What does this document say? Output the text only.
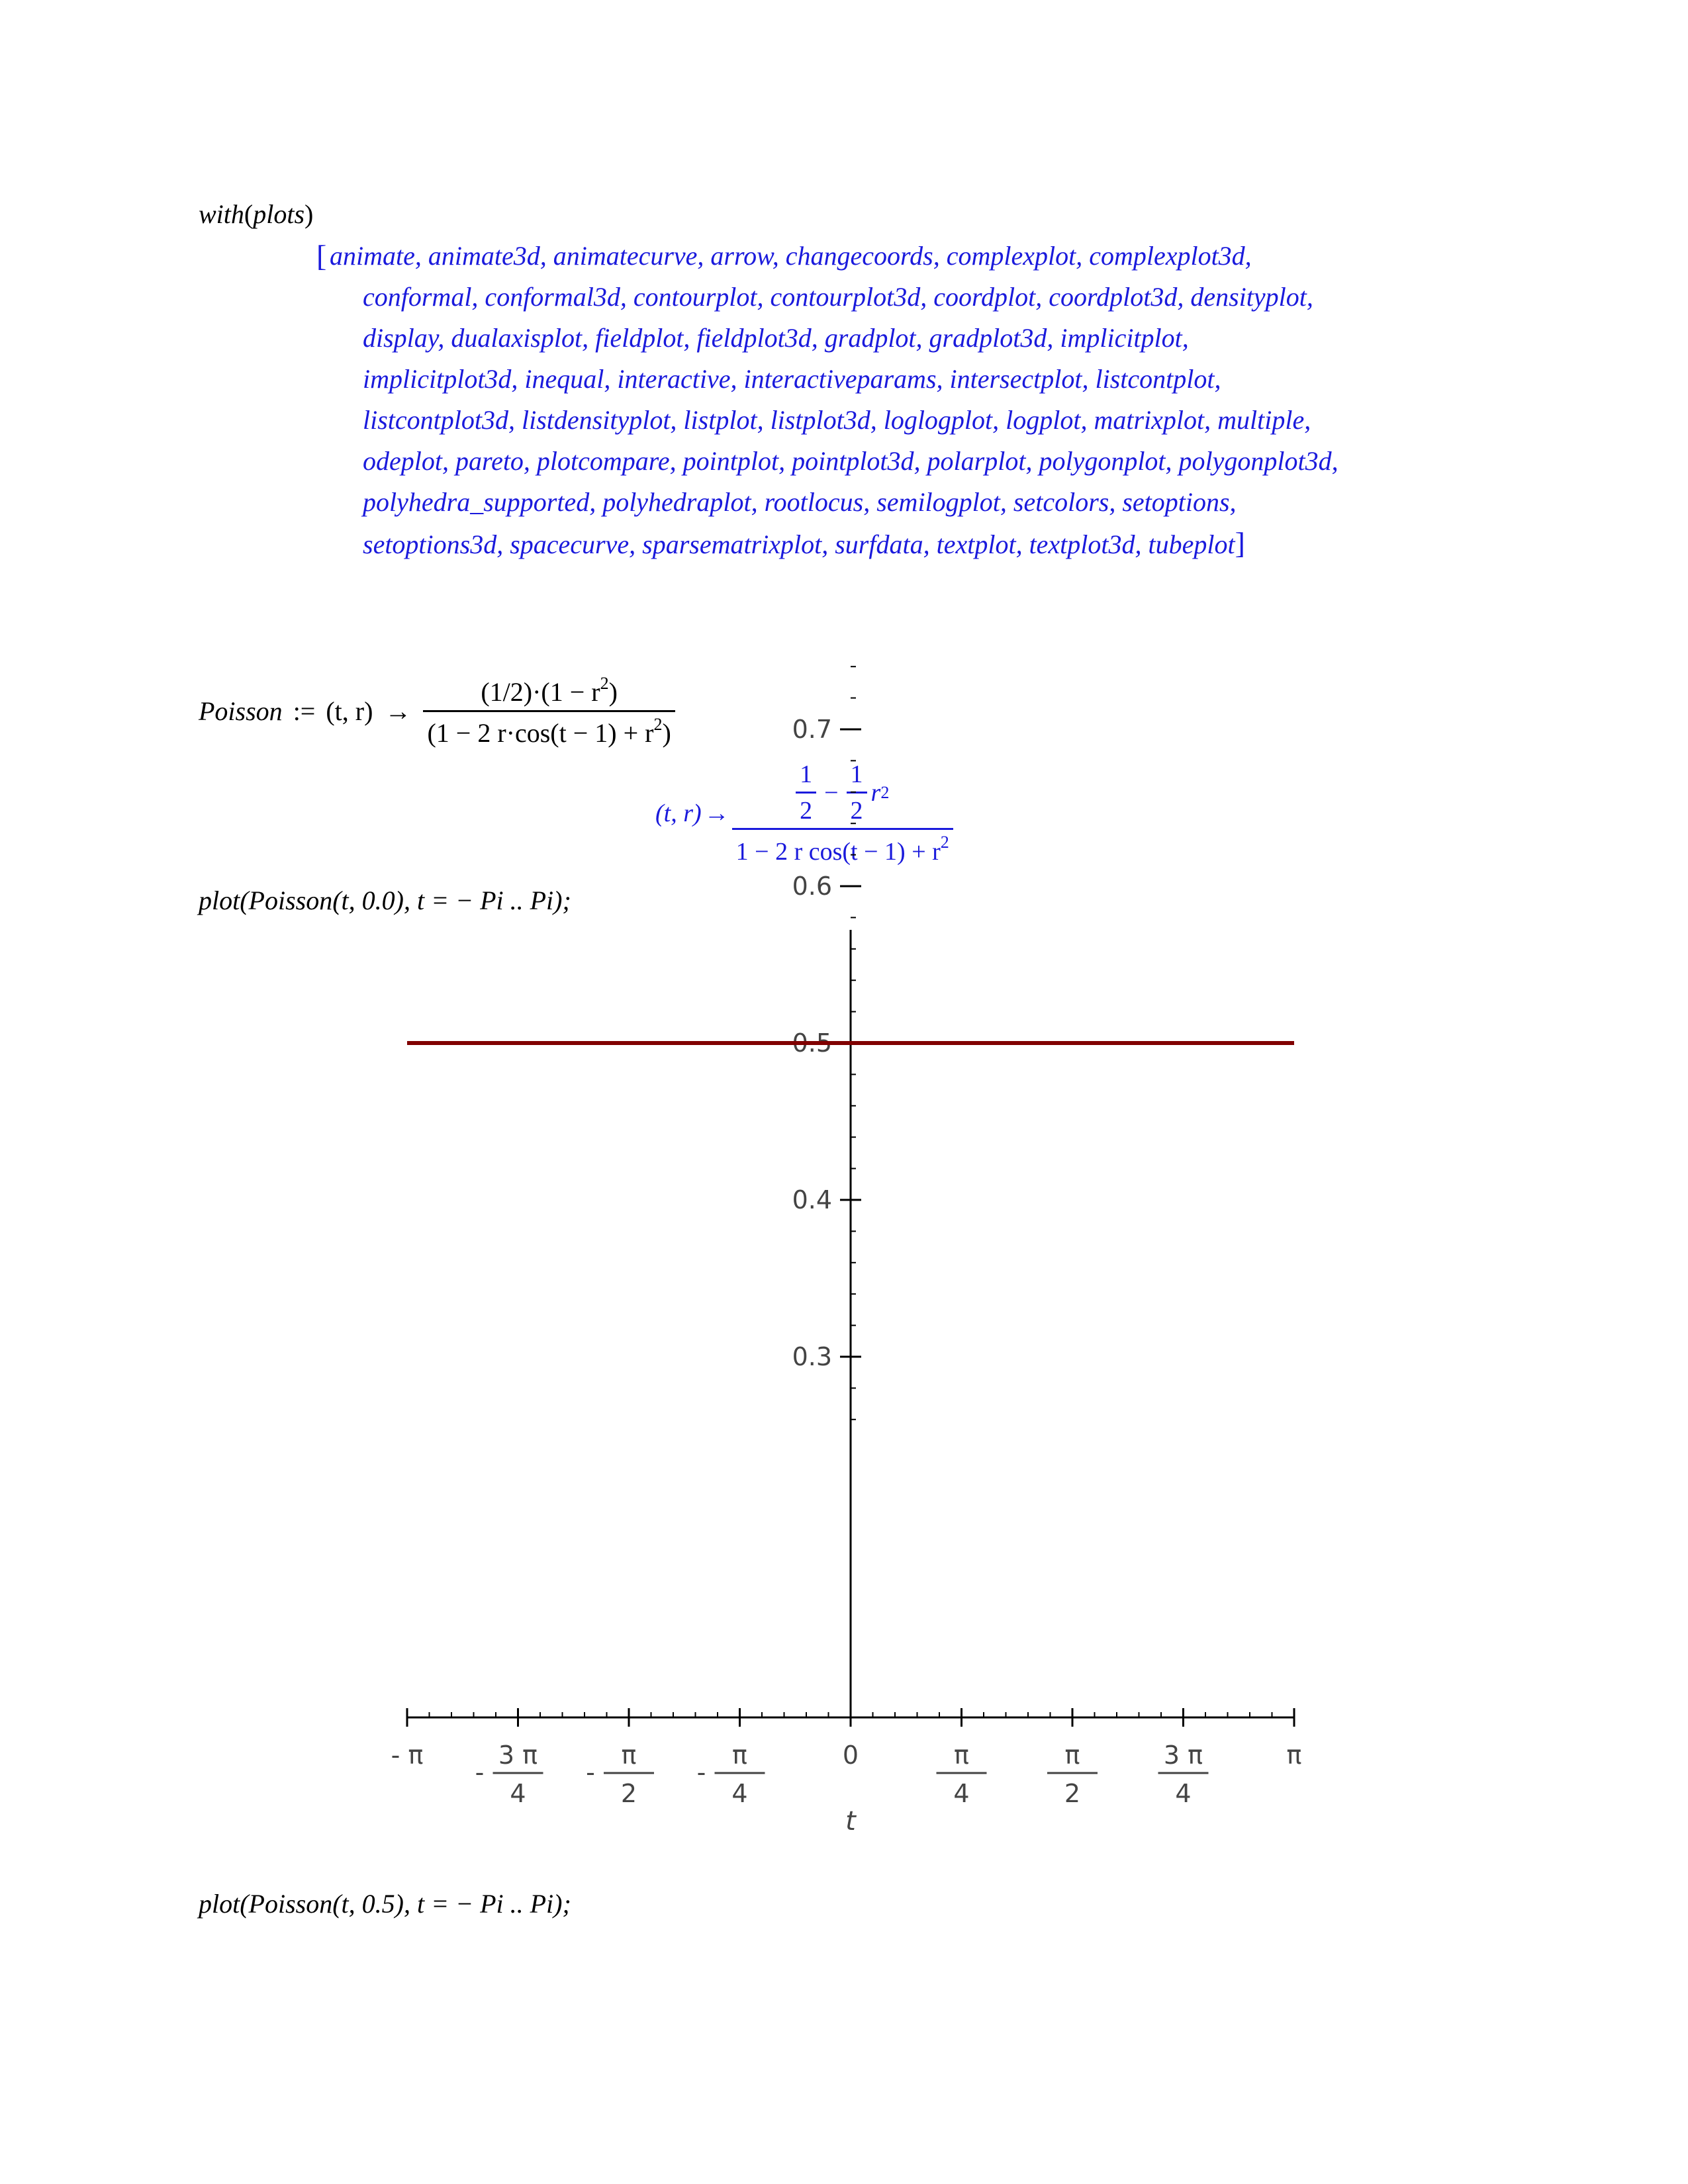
with(plots)
[ animate, animate3d, animatecurve, arrow, changecoords, complexplot, complexplot3d,
conformal, conformal3d, contourplot, contourplot3d, coordplot, coordplot3d, densityplot,
display, dualaxisplot, fieldplot, fieldplot3d, gradplot, gradplot3d, implicitplot,
implicitplot3d, inequal, interactive, interactiveparams, intersectplot, listcontplot,
listcontplot3d, listdensityplot, listplot, listplot3d, loglogplot, logplot, matrixplot, multiple,
odeplot, pareto, plotcompare, pointplot, pointplot3d, polarplot, polygonplot, polygonplot3d,
polyhedra_supported, polyhedraplot, rootlocus, semilogplot, setcolors, setoptions,
setoptions3d, spacecurve, sparsematrixplot, surfdata, textplot, textplot3d, tubeplot]
Poisson := (t, $r) \to \frac{(1/2)\cdot(1 - r^2)}{(1 - 2 r\cdot\cos(t - 1) + r^2)}$
(t, $r) \to \frac{\frac{1}{2} - \frac{1}{2} r 2}{1 - 2 r \cos(t - 1) + r^2}$
plot(Poisson(t, 0.0), t = − Pi .. Pi);
0.3
0.4
0.5
0.6
0.7
- π	3 π
4
-
π
2
-
π
4
-
0	π
4
π
2
3 π
4
π
t
plot(Poisson(t, 0.5), t = − Pi .. Pi);
